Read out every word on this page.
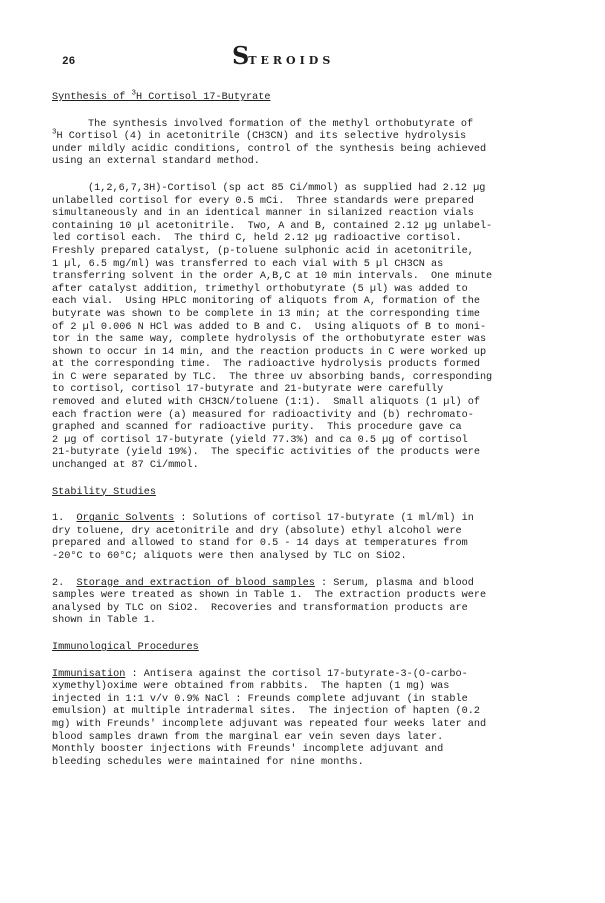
26	STEROIDS

Synthesis of $^3$H Cortisol 17-Butyrate

The synthesis involved formation of the methyl orthobutyrate of
$^3$H Cortisol (4) in acetonitrile (CH3CN) and its selective hydrolysis
under mildly acidic conditions, control of the synthesis being achieved
using an external standard method.
(1,2,6,7,3H)-Cortisol (sp act 85 Ci/mmol) as supplied had 2.12 µg
unlabelled cortisol for every 0.5 mCi.  Three standards were prepared
simultaneously and in an identical manner in silanized reaction vials
containing 10 µl acetonitrile.  Two, A and B, contained 2.12 µg unlabel-
led cortisol each.  The third C, held 2.12 µg radioactive cortisol.
Freshly prepared catalyst, (p-toluene sulphonic acid in acetonitrile,
1 µl, 6.5 mg/ml) was transferred to each vial with 5 µl CH3CN as
transferring solvent in the order A,B,C at 10 min intervals.  One minute
after catalyst addition, trimethyl orthobutyrate (5 µl) was added to
each vial.  Using HPLC monitoring of aliquots from A, formation of the
butyrate was shown to be complete in 13 min; at the corresponding time
of 2 µl 0.006 N HCl was added to B and C.  Using aliquots of B to moni-
tor in the same way, complete hydrolysis of the orthobutyrate ester was
shown to occur in 14 min, and the reaction products in C were worked up
at the corresponding time.  The radioactive hydrolysis products formed
in C were separated by TLC.  The three uv absorbing bands, corresponding
to cortisol, cortisol 17-butyrate and 21-butyrate were carefully
removed and eluted with CH3CN/toluene (1:1).  Small aliquots (1 µl) of
each fraction were (a) measured for radioactivity and (b) rechromato-
graphed and scanned for radioactive purity.  This procedure gave ca
2 µg of cortisol 17-butyrate (yield 77.3%) and ca 0.5 µg of cortisol
21-butyrate (yield 19%).  The specific activities of the products were
unchanged at 87 Ci/mmol.

Stability Studies

1. Organic Solvents : Solutions of cortisol 17-butyrate (1 ml/ml) in
dry toluene, dry acetonitrile and dry (absolute) ethyl alcohol were
prepared and allowed to stand for 0.5 - 14 days at temperatures from
-20°C to 60°C; aliquots were then analysed by TLC on SiO2.
2. Storage and extraction of blood samples : Serum, plasma and blood
samples were treated as shown in Table 1.  The extraction products were
analysed by TLC on SiO2.  Recoveries and transformation products are
shown in Table 1.

Immunological Procedures

Immunisation : Antisera against the cortisol 17-butyrate-3-(O-carbo-
xymethyl)oxime were obtained from rabbits.  The hapten (1 mg) was
injected in 1:1 v/v 0.9% NaCl : Freunds complete adjuvant (in stable
emulsion) at multiple intradermal sites.  The injection of hapten (0.2
mg) with Freunds' incomplete adjuvant was repeated four weeks later and
blood samples drawn from the marginal ear vein seven days later.
Monthly booster injections with Freunds' incomplete adjuvant and
bleeding schedules were maintained for nine months.
